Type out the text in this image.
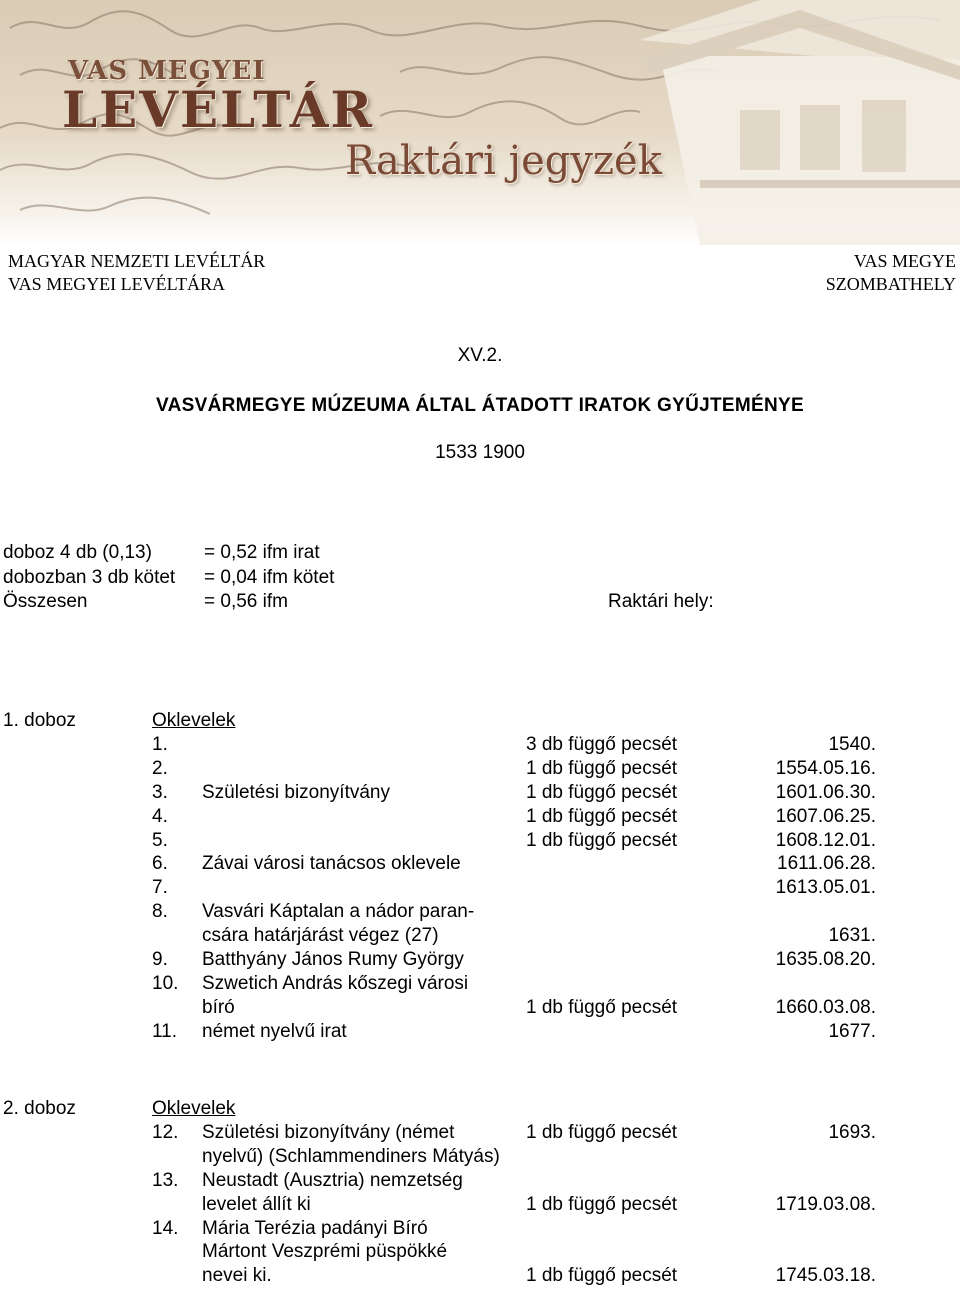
VAS MEGYEI
LEVÉLTÁR
Raktári jegyzék
MAGYAR NEMZETI LEVÉLTÁR
VAS MEGYEI LEVÉLTÁRA
VAS MEGYE
SZOMBATHELY
XV.2.
VASVÁRMEGYE MÚZEUMA ÁLTAL ÁTADOTT IRATOK GYŰJTEMÉNYE
1533 1900
doboz 4 db (0,13)	= 0,52 ifm irat
dobozban 3 db kötet = 0,04 ifm kötet
Összesen	= 0,56 ifm	Raktári hely:
1. doboz	Oklevelek
1.	3 db függő pecsét	1540.
2.	1 db függő pecsét	1554.05.16.
3. Születési bizonyítvány	1 db függő pecsét	1601.06.30.
4.	1 db függő pecsét	1607.06.25.
5.	1 db függő pecsét	1608.12.01.
6. Závai városi tanácsos oklevele	1611.06.28.
7.	1613.05.01.
8. Vasvári Káptalan a nádor paran-
csára határjárást végez (27)	1631.
9. Batthyány János Rumy György	1635.08.20.
10. Szwetich András kőszegi városi
bíró	1 db függő pecsét	1660.03.08.
11. német nyelvű irat	1677.
2. doboz	Oklevelek
12. Születési bizonyítvány (német	1 db függő pecsét	1693.
nyelvű) (Schlammendiners Mátyás)
13. Neustadt (Ausztria) nemzetség
levelet állít ki	1 db függő pecsét	1719.03.08.
14. Mária Terézia padányi Bíró
Mártont Veszprémi püspökké
nevei ki.	1 db függő pecsét	1745.03.18.
